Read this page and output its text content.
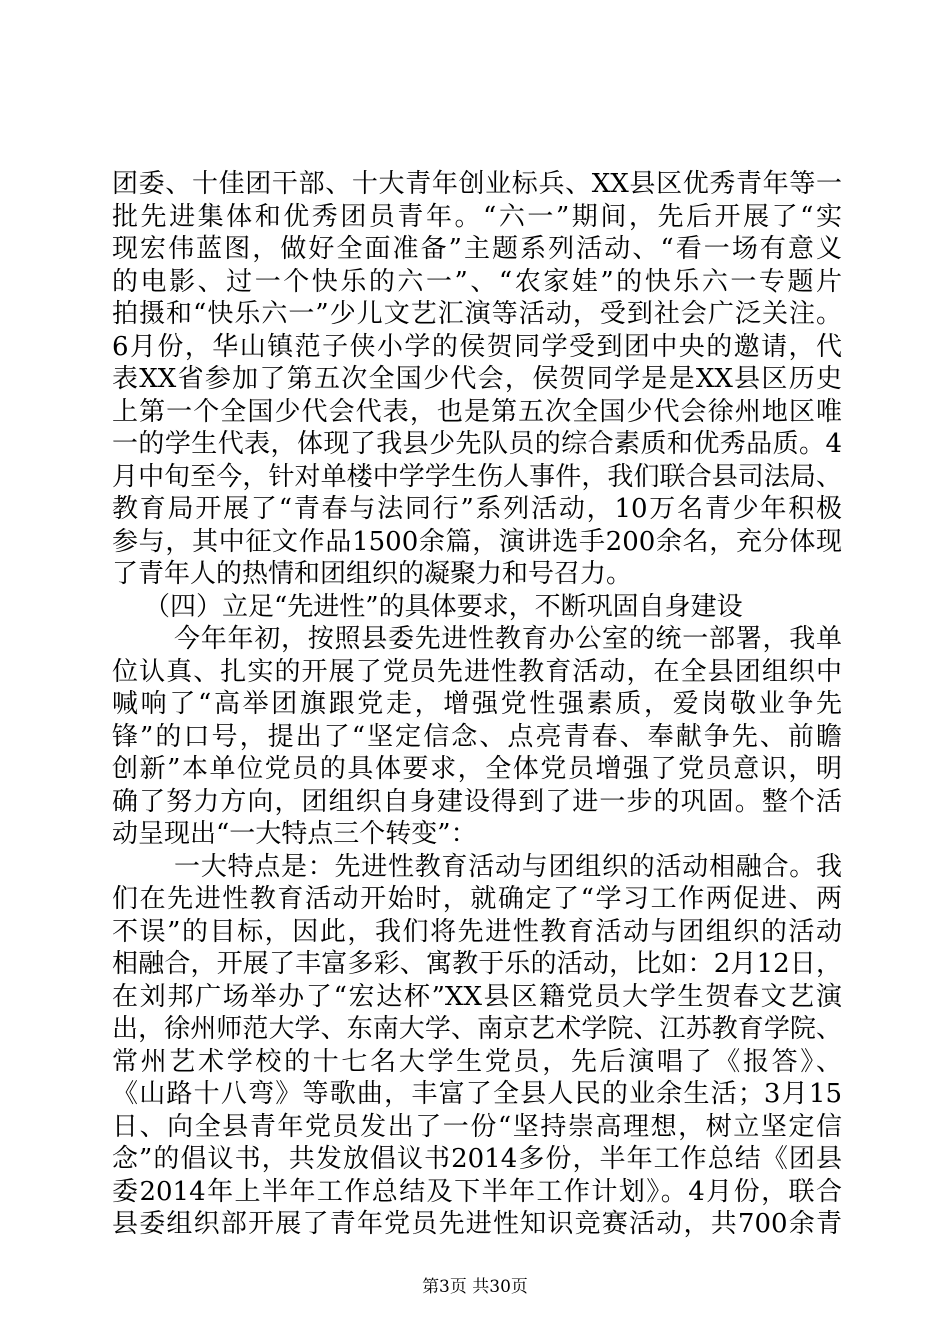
团委、十佳团干部、十大青年创业标兵、XX县区优秀青年等一
批先进集体和优秀团员青年。“六一”期间，先后开展了“实
现宏伟蓝图，做好全面准备”主题系列活动、“看一场有意义
的电影、过一个快乐的六一”、“农家娃”的快乐六一专题片
拍摄和“快乐六一”少儿文艺汇演等活动，受到社会广泛关注。
6月份，华山镇范子侠小学的侯贺同学受到团中央的邀请，代
表XX省参加了第五次全国少代会，侯贺同学是是XX县区历史
上第一个全国少代会代表，也是第五次全国少代会徐州地区唯
一的学生代表，体现了我县少先队员的综合素质和优秀品质。4
月中旬至今，针对单楼中学学生伤人事件，我们联合县司法局、
教育局开展了“青春与法同行”系列活动，10万名青少年积极
参与，其中征文作品1500余篇，演讲选手200余名，充分体现
了青年人的热情和团组织的凝聚力和号召力。
（四）立足“先进性”的具体要求，不断巩固自身建设
今年年初，按照县委先进性教育办公室的统一部署，我单
位认真、扎实的开展了党员先进性教育活动，在全县团组织中
喊响了“高举团旗跟党走，增强党性强素质，爱岗敬业争先
锋”的口号，提出了“坚定信念、点亮青春、奉献争先、前瞻
创新”本单位党员的具体要求，全体党员增强了党员意识，明
确了努力方向，团组织自身建设得到了进一步的巩固。整个活
动呈现出“一大特点三个转变”：
一大特点是：先进性教育活动与团组织的活动相融合。我
们在先进性教育活动开始时，就确定了“学习工作两促进、两
不误”的目标，因此，我们将先进性教育活动与团组织的活动
相融合，开展了丰富多彩、寓教于乐的活动，比如：2月12日，
在刘邦广场举办了“宏达杯”XX县区籍党员大学生贺春文艺演
出，徐州师范大学、东南大学、南京艺术学院、江苏教育学院、
常州艺术学校的十七名大学生党员，先后演唱了《报答》、
《山路十八弯》等歌曲，丰富了全县人民的业余生活；3月15
日、向全县青年党员发出了一份“坚持崇高理想，树立坚定信
念”的倡议书，共发放倡议书2014多份，半年工作总结《团县
委2014年上半年工作总结及下半年工作计划》。4月份，联合
县委组织部开展了青年党员先进性知识竞赛活动，共700余青
第3页 共30页
